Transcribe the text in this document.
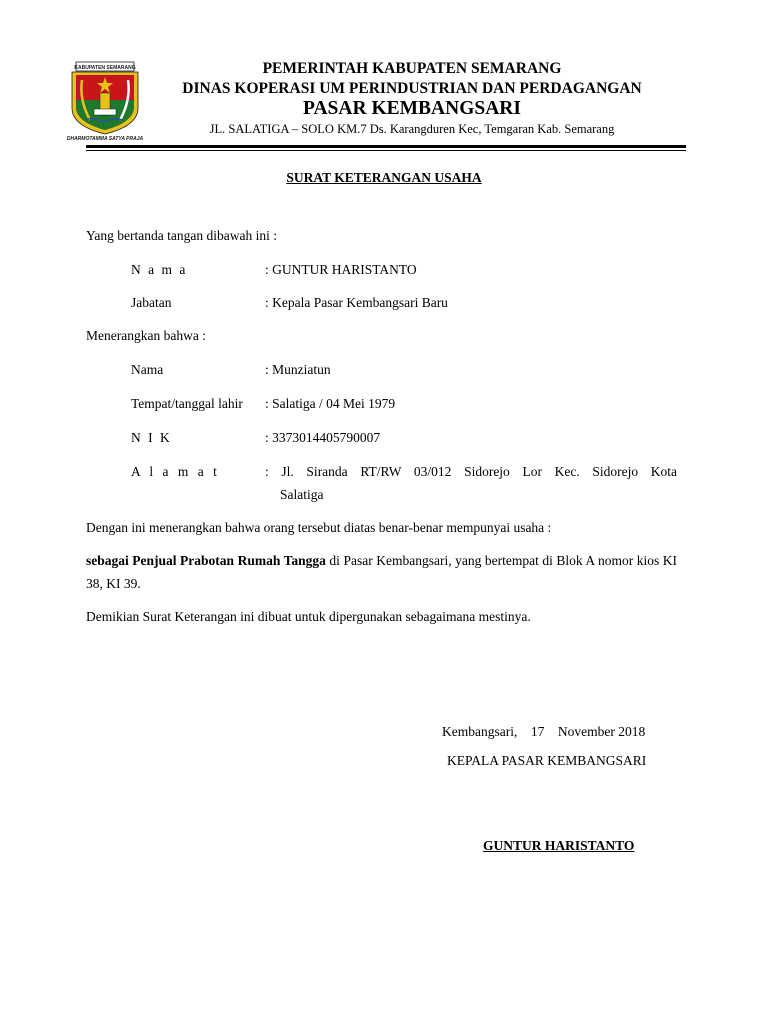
KABUPATEN SEMARANG
DHARMOTAMMA SATYA PRAJA
PEMERINTAH KABUPATEN SEMARANG
DINAS KOPERASI UM PERINDUSTRIAN DAN PERDAGANGAN
PASAR KEMBANGSARI
JL. SALATIGA – SOLO KM.7 Ds. Karangduren Kec, Temgaran Kab. Semarang
SURAT KETERANGAN USAHA
Yang bertanda tangan dibawah ini :
N a m a	: GUNTUR HARISTANTO
Jabatan	: Kepala Pasar Kembangsari Baru
Menerangkan bahwa :
Nama	: Munziatun
Tempat/tanggal lahir : Salatiga / 04 Mei 1979
N I K	: 3373014405790007
A l a m a t	: Jl. Siranda RT/RW 03/012 Sidorejo Lor Kec. Sidorejo Kota
Salatiga
Dengan ini menerangkan bahwa orang tersebut diatas benar-benar mempunyai usaha :
sebagai Penjual Prabotan Rumah Tangga di Pasar Kembangsari, yang bertempat di Blok A nomor kios KI 38, KI 39.
Demikian Surat Keterangan ini dibuat untuk dipergunakan sebagaimana mestinya.
Kembangsari,    17    November 2018
KEPALA PASAR KEMBANGSARI
GUNTUR HARISTANTO
